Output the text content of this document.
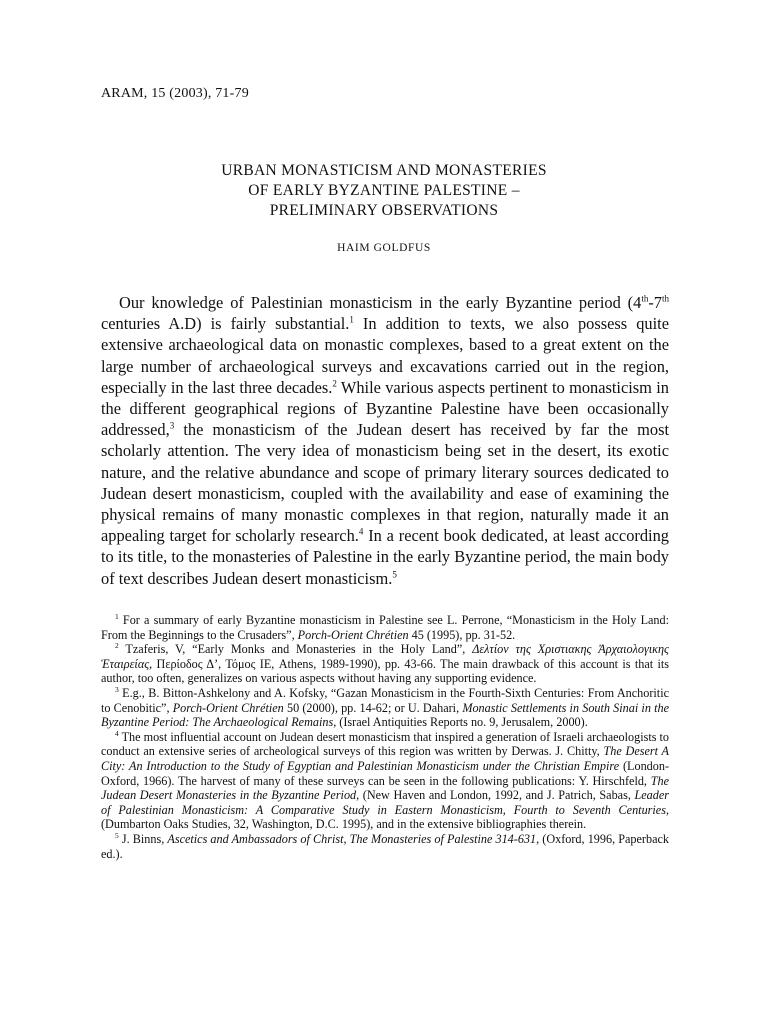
ARAM, 15 (2003), 71-79
URBAN MONASTICISM AND MONASTERIES
OF EARLY BYZANTINE PALESTINE –
PRELIMINARY OBSERVATIONS
HAIM GOLDFUS

Our knowledge of Palestinian monasticism in the early Byzantine period (4th-7th centuries A.D) is fairly substantial.$^1$ In addition to texts, we also possess quite extensive archaeological data on monastic complexes, based to a great extent on the large number of archaeological surveys and excavations carried out in the region, especially in the last three decades.$^2$ While various aspects pertinent to monasticism in the different geographical regions of Byzantine Palestine have been occasionally addressed,$^3$ the monasticism of the Judean desert has received by far the most scholarly attention. The very idea of monasticism being set in the desert, its exotic nature, and the relative abundance and scope of primary literary sources dedicated to Judean desert monasticism, coupled with the availability and ease of examining the physical remains of many monastic complexes in that region, naturally made it an appealing target for scholarly research.$^4$ In a recent book dedicated, at least according to its title, to the monasteries of Palestine in the early Byzantine period, the main body of text describes Judean desert monasticism.$^5$

$^1$ For a summary of early Byzantine monasticism in Palestine see L. Perrone, “Monasticism in the Holy Land: From the Beginnings to the Crusaders”, Porch-Orient Chrétien 45 (1995), pp. 31-52.

$^2$ Tzaferis, V, “Early Monks and Monasteries in the Holy Land”, Δελτίον της Χριστιακης Ἀρχαιολογικης Ἑταιρείας, Περίοδος Δ’, Τόμος ΙΕ, Athens, 1989-1990), pp. 43-66. The main drawback of this account is that its author, too often, generalizes on various aspects without having any supporting evidence.

$^3$ E.g., B. Bitton-Ashkelony and A. Kofsky, “Gazan Monasticism in the Fourth-Sixth Centuries: From Anchoritic to Cenobitic”, Porch-Orient Chrétien 50 (2000), pp. 14-62; or U. Dahari, Monastic Settlements in South Sinai in the Byzantine Period: The Archaeological Remains, (Israel Antiquities Reports no. 9, Jerusalem, 2000).

$^4$ The most influential account on Judean desert monasticism that inspired a generation of Israeli archaeologists to conduct an extensive series of archeological surveys of this region was written by Derwas. J. Chitty, The Desert A City: An Introduction to the Study of Egyptian and Palestinian Monasticism under the Christian Empire (London-Oxford, 1966). The harvest of many of these surveys can be seen in the following publications: Y. Hirschfeld, The Judean Desert Monasteries in the Byzantine Period, (New Haven and London, 1992, and J. Patrich, Sabas, Leader of Palestinian Monasticism: A Comparative Study in Eastern Monasticism, Fourth to Seventh Centuries, (Dumbarton Oaks Studies, 32, Washington, D.C. 1995), and in the extensive bibliographies therein.

$^5$ J. Binns, Ascetics and Ambassadors of Christ, The Monasteries of Palestine 314-631, (Oxford, 1996, Paperback ed.).
